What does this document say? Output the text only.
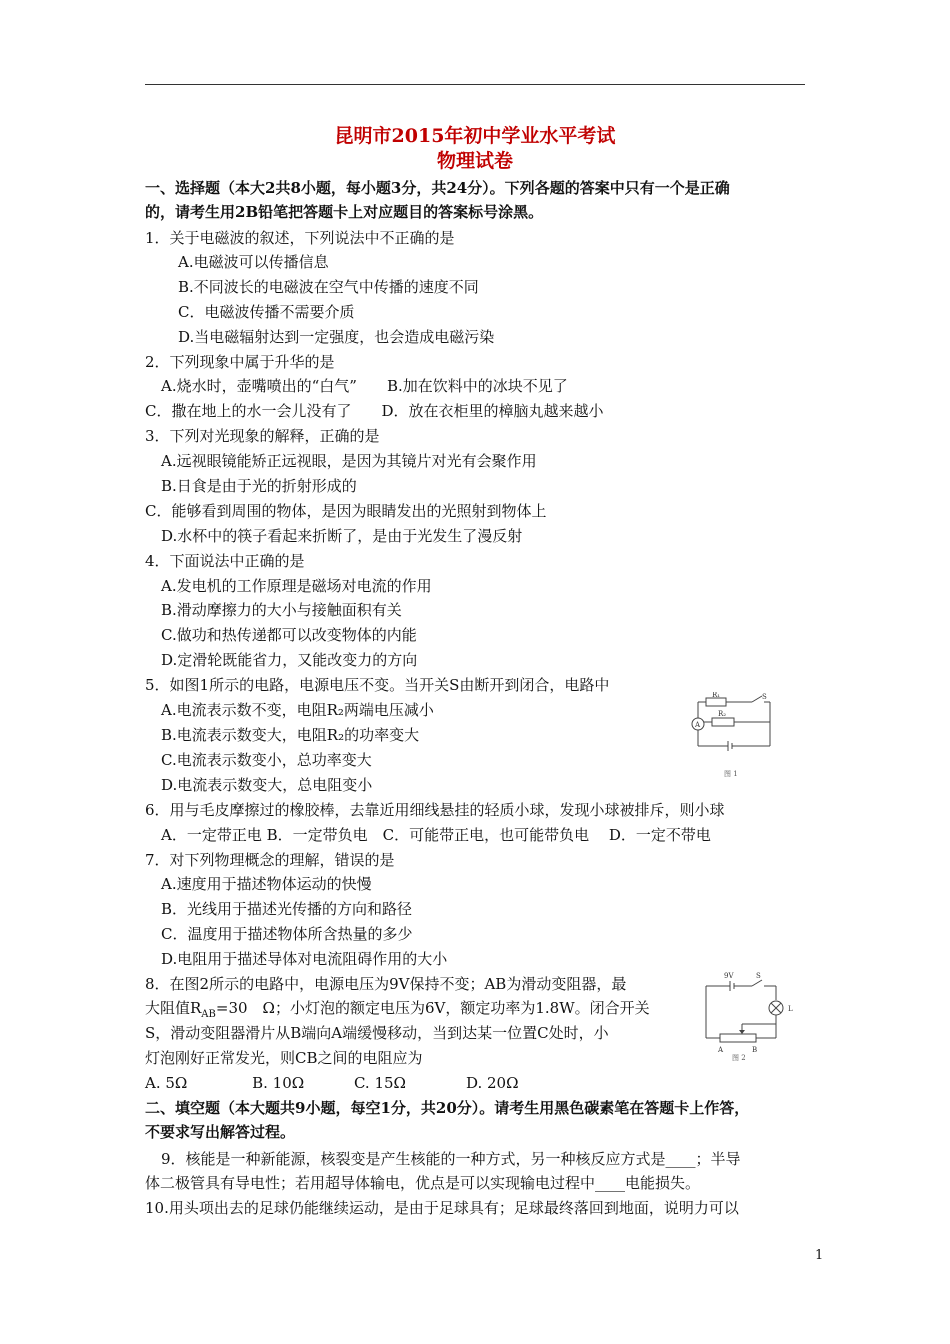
昆明市2015年初中学业水平考试
物理试卷
一、选择题（本大2共8小题，每小题3分，共24分）。下列各题的答案中只有一个是正确
的，请考生用2B铅笔把答题卡上对应题目的答案标号涂黑。
1．关于电磁波的叙述，下列说法中不正确的是
A.电磁波可以传播信息
B.不同波长的电磁波在空气中传播的速度不同
C．电磁波传播不需要介质
D.当电磁辐射达到一定强度，也会造成电磁污染
2．下列现象中属于升华的是
A.烧水时，壶嘴喷出的“白气”　　B.加在饮料中的冰块不见了
C．撒在地上的水一会儿没有了　　D．放在衣柜里的樟脑丸越来越小
3．下列对光现象的解释，正确的是
A.远视眼镜能矫正远视眼，是因为其镜片对光有会聚作用
B.日食是由于光的折射形成的
C．能够看到周围的物体，是因为眼睛发出的光照射到物体上
D.水杯中的筷子看起来折断了，是由于光发生了漫反射
4．下面说法中正确的是
A.发电机的工作原理是磁场对电流的作用
B.滑动摩擦力的大小与接触面积有关
C.做功和热传递都可以改变物体的内能
D.定滑轮既能省力，又能改变力的方向
5．如图1所示的电路，电源电压不变。当开关S由断开到闭合，电路中
A.电流表示数不变，电阻R₂两端电压减小
B.电流表示数变大，电阻R₂的功率变大
C.电流表示数变小，总功率变大
D.电流表示数变大，总电阻变小
R₁
R₂
S
A
图 1
6．用与毛皮摩擦过的橡胶棒，去靠近用细线悬挂的轻质小球，发现小球被排斥，则小球
A．一定带正电 B．一定带负电　C．可能带正电，也可能带负电　 D．一定不带电
7．对下列物理概念的理解，错误的是
A.速度用于描述物体运动的快慢
B．光线用于描述光传播的方向和路径
C．温度用于描述物体所含热量的多少
D.电阻用于描述导体对电流阻碍作用的大小
8．在图2所示的电路中，电源电压为9V保持不变；AB为滑动变阻器，最
大阻值$R_{AB}=30$　Ω；小灯泡的额定电压为6V，额定功率为1.8W。闭合开关
S，滑动变阻器滑片从B端向A端缓慢移动，当到达某一位置C处时，小
灯泡刚好正常发光，则CB之间的电阻应为
A. 5Ω　　　　 B. 10Ω　　　 C. 15Ω　　　　D. 20Ω
9V	S
L
A	B
图 2
二、填空题（本大题共9小题，每空1分，共20分）。请考生用黑色碳素笔在答题卡上作答，
不要求写出解答过程。
9．核能是一种新能源，核裂变是产生核能的一种方式，另一种核反应方式是____；半导
体二极管具有导电性；若用超导体输电，优点是可以实现输电过程中____电能损失。
10.用头项出去的足球仍能继续运动，是由于足球具有；足球最终落回到地面，说明力可以
1
